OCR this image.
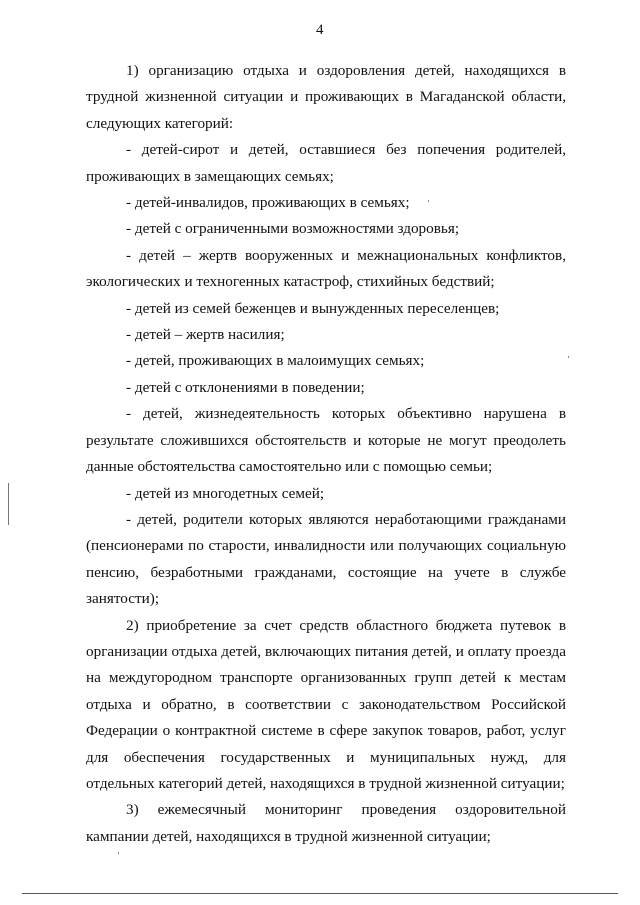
4

1) организацию отдыха и оздоровления детей, находящихся в трудной жизненной ситуации и проживающих в Магаданской области, следующих категорий:

- детей-сирот и детей, оставшиеся без попечения родителей, проживающих в замещающих семьях;

- детей-инвалидов, проживающих в семьях;

- детей с ограниченными возможностями здоровья;

- детей – жертв вооруженных и межнациональных конфликтов, экологических и техногенных катастроф, стихийных бедствий;

- детей из семей беженцев и вынужденных переселенцев;

- детей – жертв насилия;

- детей, проживающих в малоимущих семьях;

- детей с отклонениями в поведении;

- детей, жизнедеятельность которых объективно нарушена в результате сложившихся обстоятельств и которые не могут преодолеть данные обстоятельства самостоятельно или с помощью семьи;

- детей из многодетных семей;

- детей, родители которых являются неработающими гражданами (пенсионерами по старости, инвалидности или получающих социальную пенсию, безработными гражданами, состоящие на учете в службе занятости);

2) приобретение за счет средств областного бюджета путевок в организации отдыха детей, включающих питания детей, и оплату проезда на междугородном транспорте организованных групп детей к местам отдыха и обратно, в соответствии с законодательством Российской Федерации о контрактной системе в сфере закупок товаров, работ, услуг для обеспечения государственных и муниципальных нужд, для отдельных категорий детей, находящихся в трудной жизненной ситуации;

3) ежемесячный мониторинг проведения оздоровительной кампании детей, находящихся в трудной жизненной ситуации;
